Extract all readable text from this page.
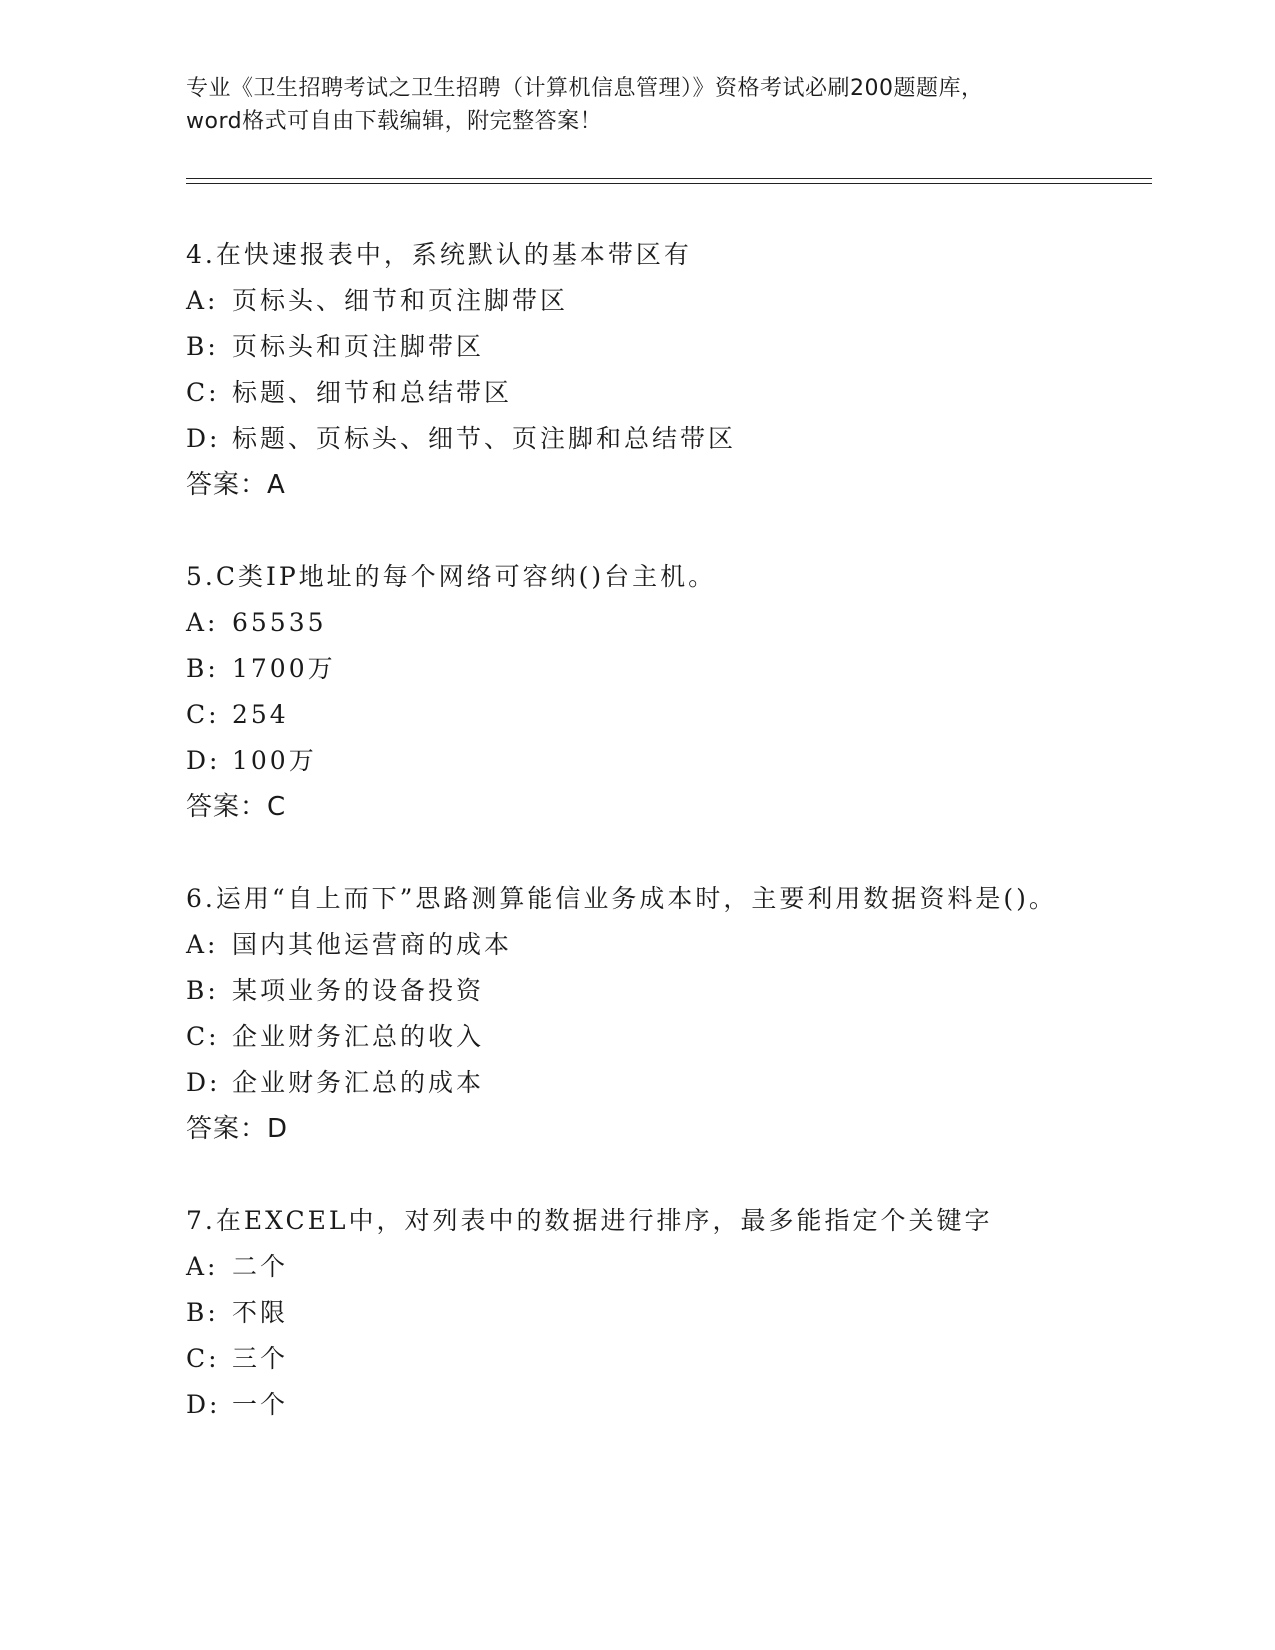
专业《卫生招聘考试之卫生招聘（计算机信息管理）》资格考试必刷200题题库，
word格式可自由下载编辑，附完整答案！
4.在快速报表中，系统默认的基本带区有
A: 页标头、细节和页注脚带区
B: 页标头和页注脚带区
C: 标题、细节和总结带区
D: 标题、页标头、细节、页注脚和总结带区
答案：A
5.C类IP地址的每个网络可容纳()台主机。
A: 65535
B: 1700万
C: 254
D: 100万
答案：C
6.运用“自上而下”思路测算能信业务成本时，主要利用数据资料是()。
A: 国内其他运营商的成本
B: 某项业务的设备投资
C: 企业财务汇总的收入
D: 企业财务汇总的成本
答案：D
7.在EXCEL中，对列表中的数据进行排序，最多能指定个关键字
A: 二个
B: 不限
C: 三个
D: 一个
